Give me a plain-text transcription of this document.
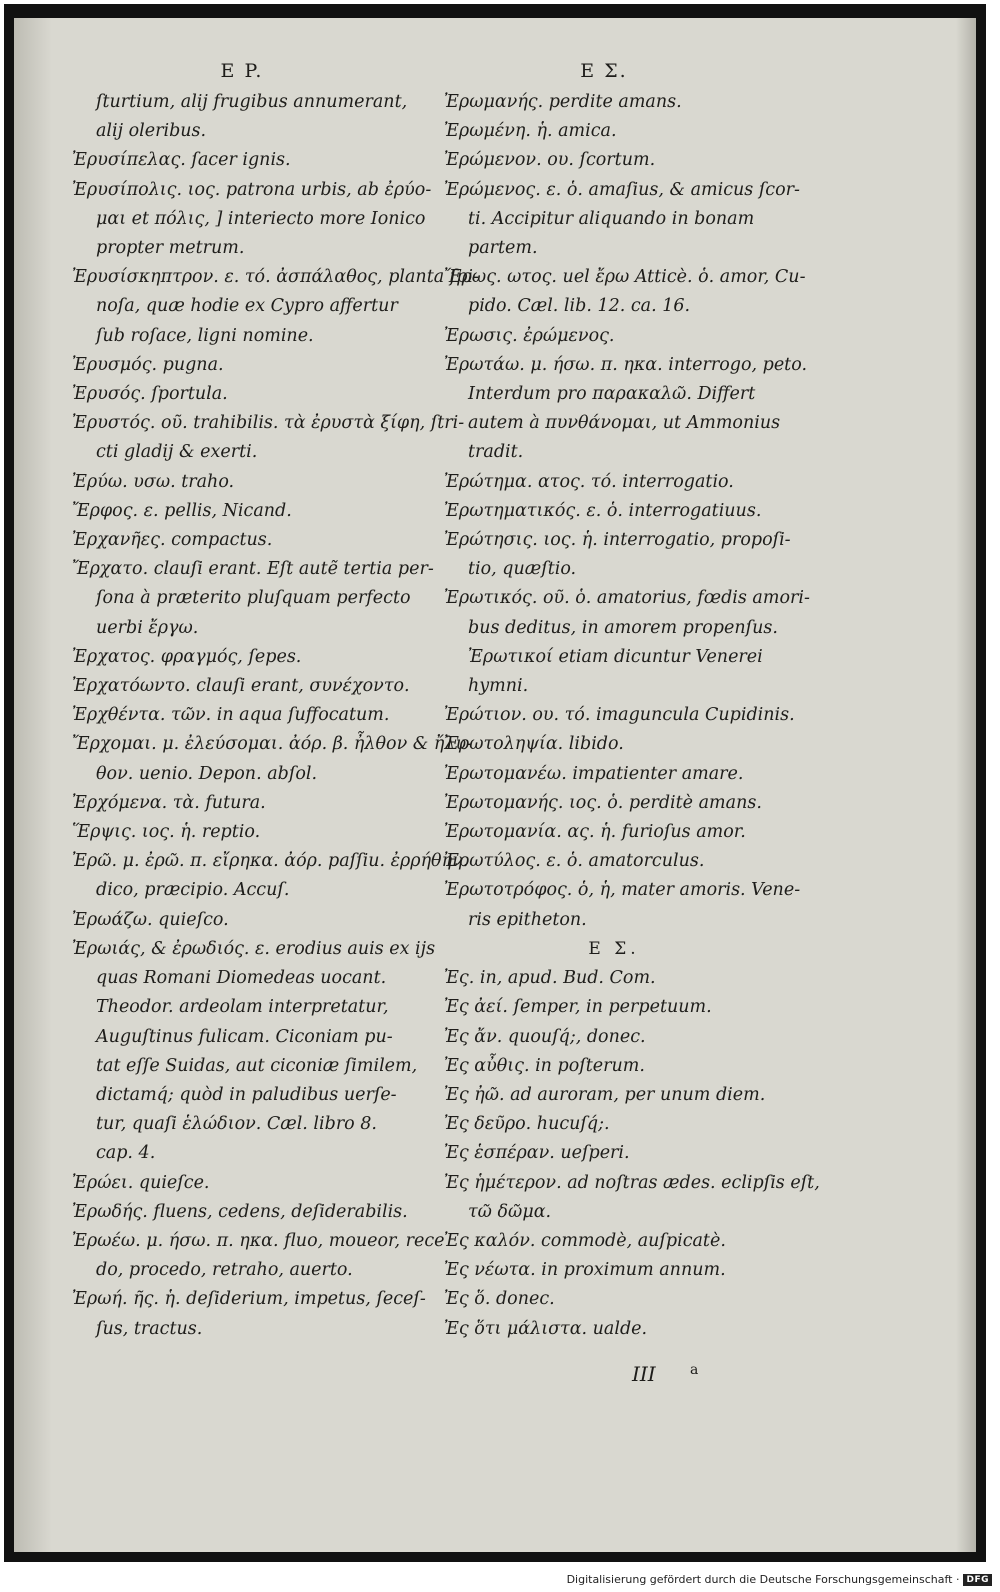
E P.
ſturtium, alij frugibus annumerant,
alij oleribus.
Ἐρυσίπελας. ſacer ignis.
Ἐρυσίπολις. ιος. patrona urbis, ab ἐρύο-
μαι et πόλις, ] interiecto more Ionico
propter metrum.
Ἐρυσίσκηπτρον. ε. τό. ἀσπάλαθος, planta ſpi-
noſa, quæ hodie ex Cypro affertur
ſub roſace, ligni nomine.
Ἐρυσμός. pugna.
Ἐρυσός. ſportula.
Ἐρυστός. οῦ. trahibilis. τὰ ἐρυστὰ ξίφη, ſtri-
cti gladij & exerti.
Ἐρύω. υσω. traho.
Ἔρφος. ε. pellis, Nicand.
Ἐρχανῆες. compactus.
Ἔρχατο. clauſi erant. Eſt autẽ tertia per-
ſona à præterito pluſquam perfecto
uerbi ἔργω.
Ἐρχατος. φραγμός, ſepes.
Ἐρχατόωντο. clauſi erant, συνέχοντο.
Ἐρχθέντα. τῶν. in aqua ſuffocatum.
Ἔρχομαι. μ. ἐλεύσομαι. ἀόρ. β. ἦλθον & ἤλυ-
θον. uenio. Depon. abſol.
Ἐρχόμενα. τὰ. futura.
Ἕρψις. ιος. ἡ. reptio.
Ἐρῶ. μ. ἐρῶ. π. εἴρηκα. ἀόρ. paſſiu. ἐρρήθην.
dico, præcipio. Accuſ.
Ἐρωάζω. quieſco.
Ἐρωιάς, & ἐρωδιός. ε. erodius auis ex ijs
quas Romani Diomedeas uocant.
Theodor. ardeolam interpretatur,
Auguſtinus fulicam. Ciconiam pu-
tat eſſe Suidas, aut ciconiæ ſimilem,
dictamq́; quòd in paludibus uerſe-
tur, quaſi ἑλώδιον. Cæl. libro 8.
cap. 4.
Ἐρώει. quieſce.
Ἐρωδής. fluens, cedens, deſiderabilis.
Ἐρωέω. μ. ήσω. π. ηκα. fluo, moueor, rece
do, procedo, retraho, auerto.
Ἐρωή. ῆς. ἡ. deſiderium, impetus, ſeceſ-
ſus, tractus.
E Σ.
Ἐρωμανής. perdite amans.
Ἐρωμένη. ἡ. amica.
Ἐρώμενον. ου. ſcortum.
Ἐρώμενος. ε. ὁ. amaſius, & amicus ſcor-
ti. Accipitur aliquando in bonam
partem.
Ἔρως. ωτος. uel ἔρω Atticè. ὁ. amor, Cu-
pido. Cæl. lib. 12. ca. 16.
Ἐρωσις. ἐρώμενος.
Ἐρωτάω. μ. ήσω. π. ηκα. interrogo, peto.
Interdum pro παρακαλῶ. Differt
autem à πυνθάνομαι, ut Ammonius
tradit.
Ἐρώτημα. ατος. τό. interrogatio.
Ἐρωτηματικός. ε. ὁ. interrogatiuus.
Ἐρώτησις. ιος. ἡ. interrogatio, propoſi-
tio, quæſtio.
Ἐρωτικός. οῦ. ὁ. amatorius, fœdis amori-
bus deditus, in amorem propenſus.
Ἐρωτικοί etiam dicuntur Venerei
hymni.
Ἐρώτιον. ου. τό. imaguncula Cupidinis.
Ἐρωτοληψία. libido.
Ἐρωτομανέω. impatienter amare.
Ἐρωτομανής. ιος. ὁ. perditè amans.
Ἐρωτομανία. ας. ἡ. furioſus amor.
Ἐρωτύλος. ε. ὁ. amatorculus.
Ἐρωτοτρόφος. ὁ, ἡ, mater amoris. Vene-
ris epitheton.
E Σ.
Ἐς. in, apud. Bud. Com.
Ἐς ἀεί. ſemper, in perpetuum.
Ἐς ἄν. quouſq́;, donec.
Ἐς αὖθις. in poſterum.
Ἐς ἠῶ. ad auroram, per unum diem.
Ἐς δεῦρο. hucuſq́;.
Ἐς ἑσπέραν. ueſperi.
Ἐς ἡμέτερον. ad noſtras ædes. eclipſis eſt,
τῶ δῶμα.
Ἐς καλόν. commodè, auſpicatè.
Ἐς νέωτα. in proximum annum.
Ἐς ὅ. donec.
Ἐς ὅτι μάλιστα. ualde.
III a
Digitalisierung gefördert durch die Deutsche Forschungsgemeinschaft · DFG
